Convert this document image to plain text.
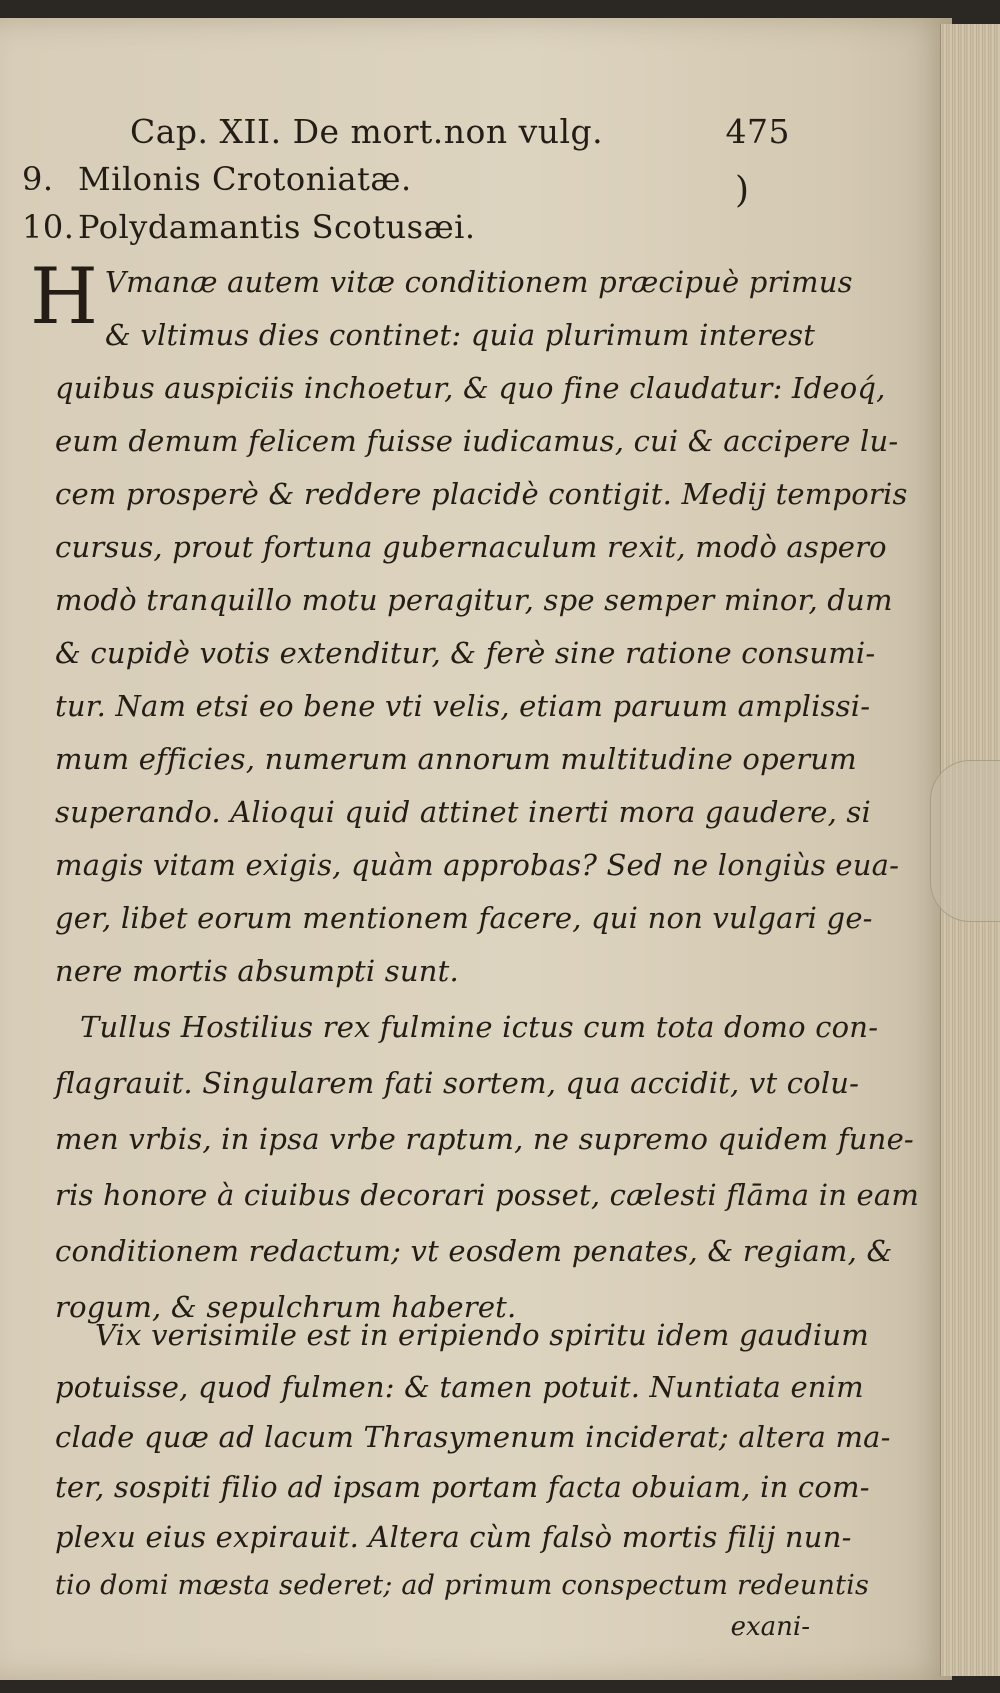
Cap. XII. De mort.non vulg.	475
9. Milonis Crotoniatæ.
10. Polydamantis Scotusæi.
)
H Vmanæ autem vitæ conditionem præcipuè primus
& vltimus dies continet: quia plurimum interest
quibus auspiciis inchoetur, & quo fine claudatur: Ideoq́,
eum demum felicem fuisse iudicamus, cui & accipere lu-
cem prosperè & reddere placidè contigit. Medij temporis
cursus, prout fortuna gubernaculum rexit, modò aspero
modò tranquillo motu peragitur, spe semper minor, dum
& cupidè votis extenditur, & ferè sine ratione consumi-
tur. Nam etsi eo bene vti velis, etiam paruum amplissi-
mum efficies, numerum annorum multitudine operum
superando. Alioqui quid attinet inerti mora gaudere, si
magis vitam exigis, quàm approbas? Sed ne longiùs eua-
ger, libet eorum mentionem facere, qui non vulgari ge-
nere mortis absumpti sunt.
Tullus Hostilius rex fulmine ictus cum tota domo con-
flagrauit. Singularem fati sortem, qua accidit, vt colu-
men vrbis, in ipsa vrbe raptum, ne supremo quidem fune-
ris honore à ciuibus decorari posset, cælesti flāma in eam
conditionem redactum; vt eosdem penates, & regiam, &
rogum, & sepulchrum haberet.
Vix verisimile est in eripiendo spiritu idem gaudium
potuisse, quod fulmen: & tamen potuit. Nuntiata enim
clade quæ ad lacum Thrasymenum inciderat; altera ma-
ter, sospiti filio ad ipsam portam facta obuiam, in com-
plexu eius expirauit. Altera cùm falsò mortis filij nun-
tio domi mæsta sederet; ad primum conspectum redeuntis
exani-
